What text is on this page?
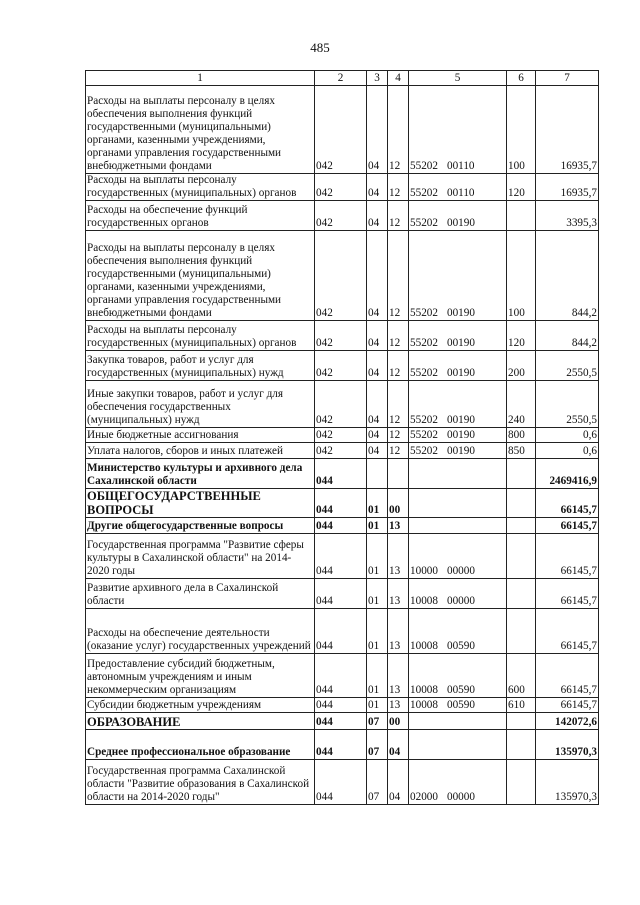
485
1	2	3	4	5	6	7
Расходы на выплаты персоналу в целях обеспечения выполнения функций государственными (муниципальными) органами, казенными учреждениями, органами управления государственными внебюджетными фондами	042	04	12	55202 00110	100	16935,7
Расходы на выплаты персоналу государственных (муниципальных) органов	042	04	12	55202 00110	120	16935,7
Расходы на обеспечение функций государственных органов	042	04	12	55202 00190		3395,3
Расходы на выплаты персоналу в целях обеспечения выполнения функций государственными (муниципальными) органами, казенными учреждениями, органами управления государственными внебюджетными фондами	042	04	12	55202 00190	100	844,2
Расходы на выплаты персоналу государственных (муниципальных) органов	042	04	12	55202 00190	120	844,2
Закупка товаров, работ и услуг для государственных (муниципальных) нужд	042	04	12	55202 00190	200	2550,5
Иные закупки товаров, работ и услуг для обеспечения государственных (муниципальных) нужд	042	04	12	55202 00190	240	2550,5
Иные бюджетные ассигнования	042	04	12	55202 00190	800	0,6
Уплата налогов, сборов и иных платежей	042	04	12	55202 00190	850	0,6
Министерство культуры и архивного дела Сахалинской области	044					2469416,9
ОБЩЕГОСУДАРСТВЕННЫЕ ВОПРОСЫ	044	01	00			66145,7
Другие общегосударственные вопросы	044	01	13			66145,7
Государственная программа "Развитие сферы культуры в Сахалинской области" на 2014-2020 годы	044	01	13	10000 00000		66145,7
Развитие архивного дела в Сахалинской области	044	01	13	10008 00000		66145,7
Расходы на обеспечение деятельности (оказание услуг) государственных учреждений	044	01	13	10008 00590		66145,7
Предоставление субсидий бюджетным, автономным учреждениям и иным некоммерческим организациям	044	01	13	10008 00590	600	66145,7
Субсидии бюджетным учреждениям	044	01	13	10008 00590	610	66145,7
ОБРАЗОВАНИЕ	044	07	00			142072,6
Среднее профессиональное образование	044	07	04			135970,3
Государственная программа Сахалинской области "Развитие образования в Сахалинской области на 2014-2020 годы"	044	07	04	02000 00000		135970,3
